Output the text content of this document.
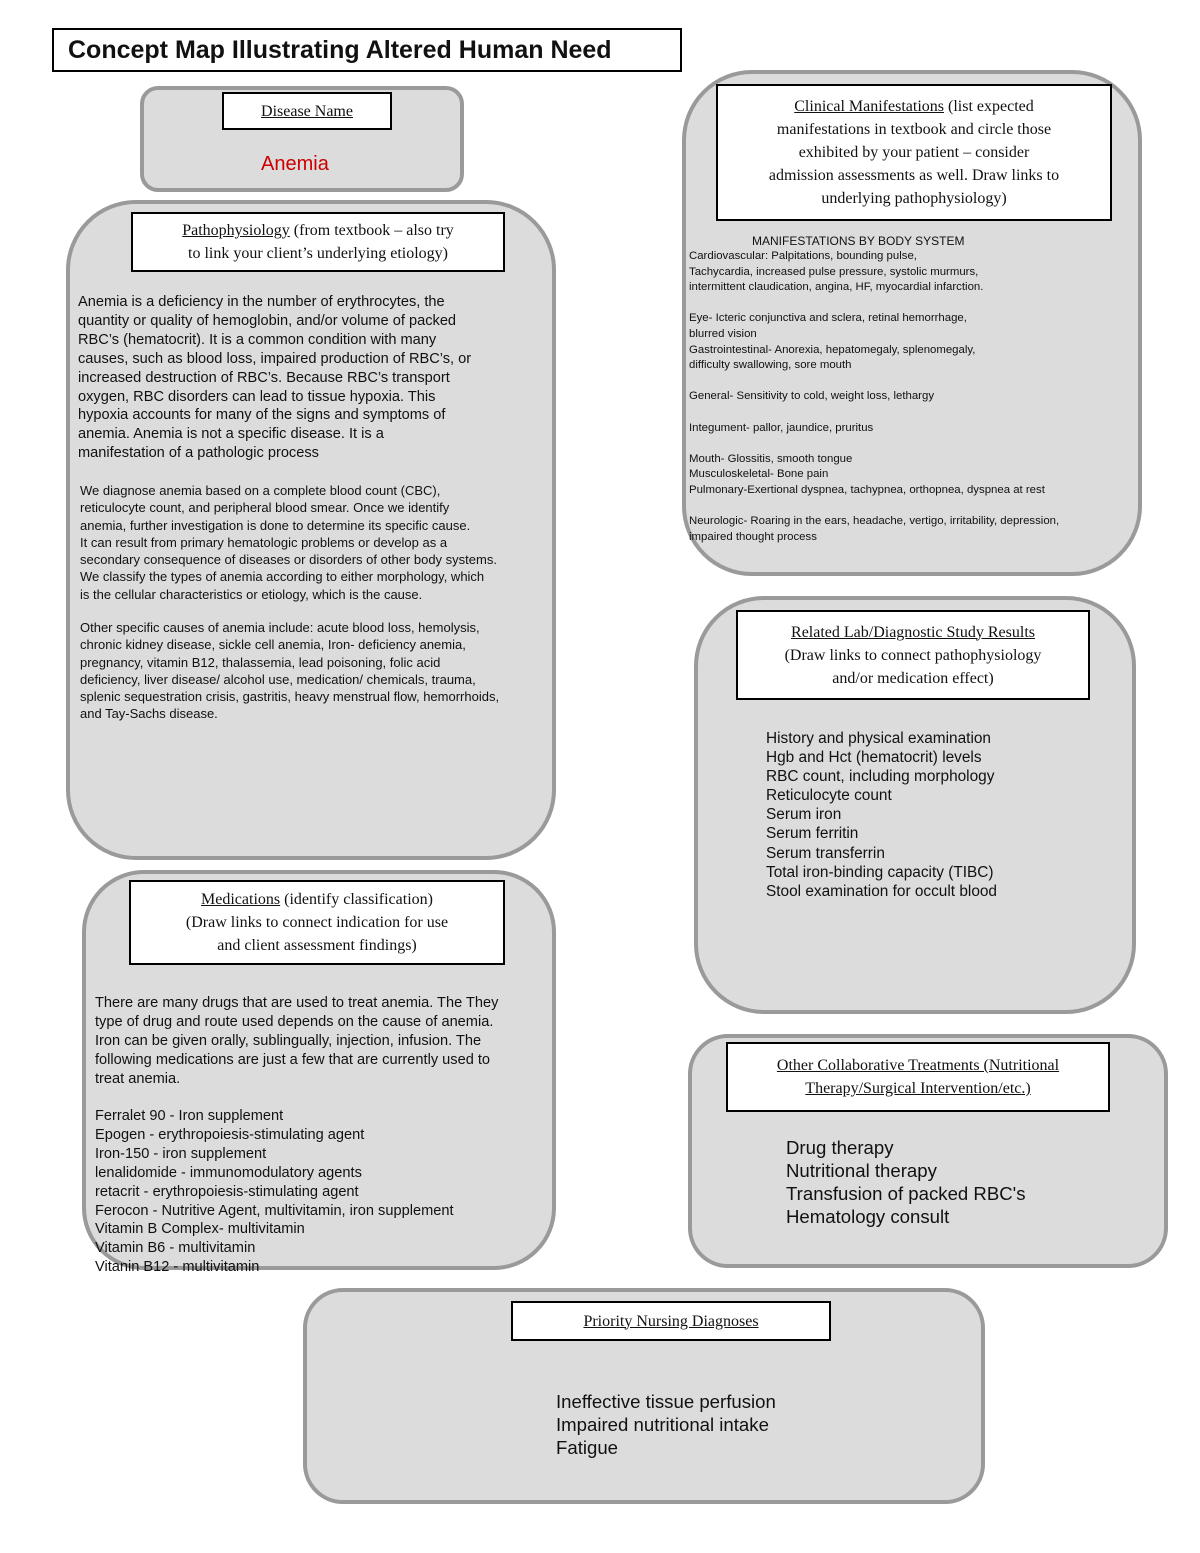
Concept Map Illustrating Altered Human Need
Disease Name
Anemia
Pathophysiology (from textbook – also try
to link your client’s underlying etiology)
Anemia is a deficiency in the number of erythrocytes, the
quantity or quality of hemoglobin, and/or volume of packed
RBC’s (hematocrit). It is a common condition with many
causes, such as blood loss, impaired production of RBC’s, or
increased destruction of RBC’s. Because RBC’s transport
oxygen, RBC disorders can lead to tissue hypoxia. This
hypoxia accounts for many of the signs and symptoms of
anemia. Anemia is not a specific disease. It is a
manifestation of a pathologic process
We diagnose anemia based on a complete blood count (CBC),
reticulocyte count, and peripheral blood smear. Once we identify
anemia, further investigation is done to determine its specific cause.
It can result from primary hematologic problems or develop as a
secondary consequence of diseases or disorders of other body systems.
We classify the types of anemia according to either morphology, which
is the cellular characteristics or etiology, which is the cause.
Other specific causes of anemia include: acute blood loss, hemolysis,
chronic kidney disease, sickle cell anemia, Iron- deficiency anemia,
pregnancy, vitamin B12, thalassemia, lead poisoning, folic acid
deficiency, liver disease/ alcohol use, medication/ chemicals, trauma,
splenic sequestration crisis, gastritis, heavy menstrual flow, hemorrhoids,
and Tay-Sachs disease.
Clinical Manifestations (list expected
manifestations in textbook and circle those
exhibited by your patient – consider
admission assessments as well. Draw links to
underlying pathophysiology)
MANIFESTATIONS BY BODY SYSTEM
Cardiovascular: Palpitations, bounding pulse,
Tachycardia, increased pulse pressure, systolic murmurs,
intermittent claudication, angina, HF, myocardial infarction.

Eye- Icteric conjunctiva and sclera, retinal hemorrhage,
blurred vision
Gastrointestinal- Anorexia, hepatomegaly, splenomegaly,
difficulty swallowing, sore mouth

General- Sensitivity to cold, weight loss, lethargy

Integument- pallor, jaundice, pruritus

Mouth- Glossitis, smooth tongue
Musculoskeletal- Bone pain
Pulmonary-Exertional dyspnea, tachypnea, orthopnea, dyspnea at rest

Neurologic- Roaring in the ears, headache, vertigo, irritability, depression,
impaired thought process
Related Lab/Diagnostic Study Results
(Draw links to connect pathophysiology
and/or medication effect)
History and physical examination
Hgb and Hct (hematocrit) levels
RBC count, including morphology
Reticulocyte count
Serum iron
Serum ferritin
Serum transferrin
Total iron-binding capacity (TIBC)
Stool examination for occult blood
Medications (identify classification)
(Draw links to connect indication for use
and client assessment findings)
There are many drugs that are used to treat anemia. The They
type of drug and route used depends on the cause of anemia.
Iron can be given orally, sublingually, injection, infusion. The
following medications are just a few that are currently used to
treat anemia.
Ferralet 90 - Iron supplement
Epogen - erythropoiesis-stimulating agent
Iron-150 - iron supplement
lenalidomide - immunomodulatory agents
retacrit - erythropoiesis-stimulating agent
Ferocon - Nutritive Agent, multivitamin, iron supplement
Vitamin B Complex- multivitamin
Vitamin B6 - multivitamin
Vitanin B12 - multivitamin
Other Collaborative Treatments (Nutritional
Therapy/Surgical Intervention/etc.)
Drug therapy
Nutritional therapy
Transfusion of packed RBC's
Hematology consult
Priority Nursing Diagnoses
Ineffective tissue perfusion
Impaired nutritional intake
Fatigue
